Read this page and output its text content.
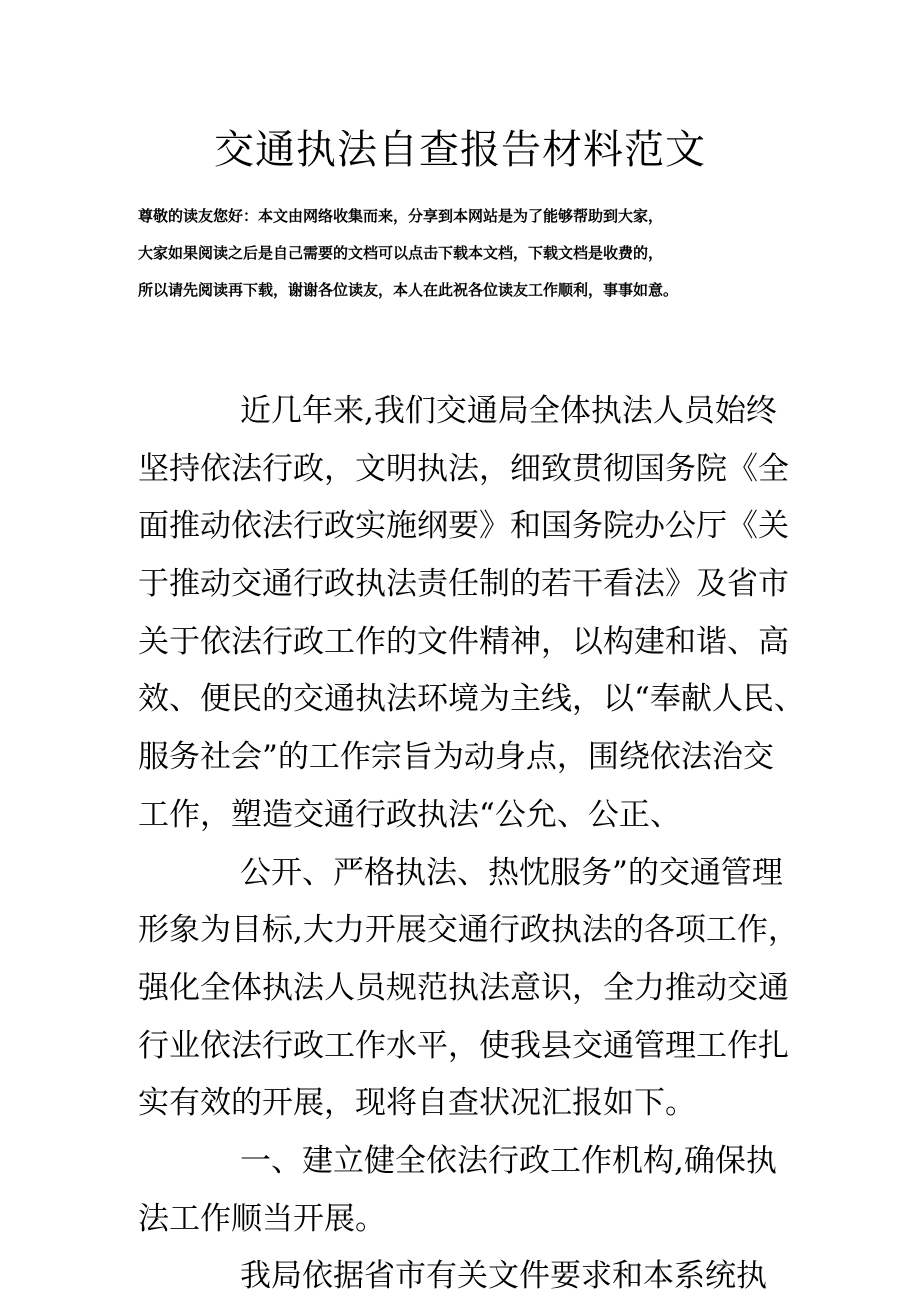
交通执法自查报告材料范文
尊敬的读友您好：本文由网络收集而来，分享到本网站是为了能够帮助到大家，
大家如果阅读之后是自己需要的文档可以点击下载本文档，下载文档是收费的，
所以请先阅读再下载，谢谢各位读友，本人在此祝各位读友工作顺利，事事如意。
近几年来,我们交通局全体执法人员始终
坚持依法行政，文明执法，细致贯彻国务院《全
面推动依法行政实施纲要》和国务院办公厅《关
于推动交通行政执法责任制的若干看法》及省市
关于依法行政工作的文件精神，以构建和谐、高
效、便民的交通执法环境为主线，以“奉献人民、
服务社会”的工作宗旨为动身点，围绕依法治交
工作，塑造交通行政执法“公允、公正、
公开、严格执法、热忱服务”的交通管理
形象为目标,大力开展交通行政执法的各项工作，
强化全体执法人员规范执法意识，全力推动交通
行业依法行政工作水平，使我县交通管理工作扎
实有效的开展，现将自查状况汇报如下。
一、建立健全依法行政工作机构,确保执
法工作顺当开展。
我局依据省市有关文件要求和本系统执
